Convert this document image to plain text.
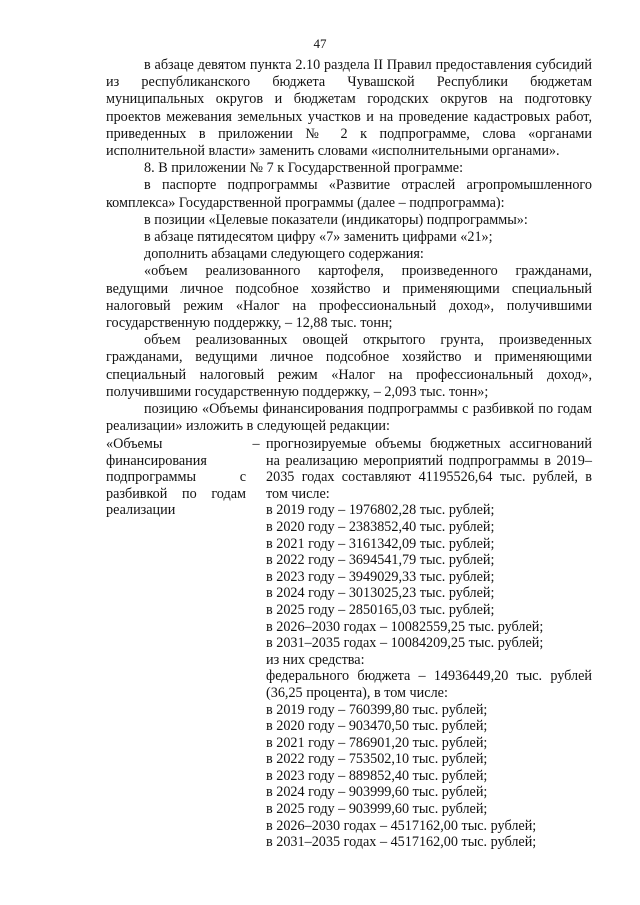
47

в абзаце девятом пункта 2.10 раздела II Правил предоставления субсидий из республиканского бюджета Чувашской Республики бюджетам муниципальных округов и бюджетам городских округов на подготовку проектов межевания земельных участков и на проведение кадастровых работ, приведенных в приложении № 2 к подпрограмме, слова «органами исполнительной власти» заменить словами «исполнительными органами».

8. В приложении № 7 к Государственной программе:

в паспорте подпрограммы «Развитие отраслей агропромышленного комплекса» Государственной программы (далее – подпрограмма):

в позиции «Целевые показатели (индикаторы) подпрограммы»:

в абзаце пятидесятом цифру «7» заменить цифрами «21»;

дополнить абзацами следующего содержания:

«объем реализованного картофеля, произведенного гражданами, ведущими личное подсобное хозяйство и применяющими специальный налоговый режим «Налог на профессиональный доход», получившими государственную поддержку, – 12,88 тыс. тонн;

объем реализованных овощей открытого грунта, произведенных гражданами, ведущими личное подсобное хозяйство и применяющими специальный налоговый режим «Налог на профессиональный доход», получившими государственную поддержку, – 2,093 тыс. тонн»;

позицию «Объемы финансирования подпрограммы с разбивкой по годам реализации» изложить в следующей редакции:

«Объемы финансирования подпрограммы с разбивкой по годам реализации
– прогнозируемые объемы бюджетных ассигнований на реализацию мероприятий подпрограммы в 2019–2035 годах составляют 41195526,64 тыс. рублей, в том числе:
в 2019 году – 1976802,28 тыс. рублей;
в 2020 году – 2383852,40 тыс. рублей;
в 2021 году – 3161342,09 тыс. рублей;
в 2022 году – 3694541,79 тыс. рублей;
в 2023 году – 3949029,33 тыс. рублей;
в 2024 году – 3013025,23 тыс. рублей;
в 2025 году – 2850165,03 тыс. рублей;
в 2026–2030 годах – 10082559,25 тыс. рублей;
в 2031–2035 годах – 10084209,25 тыс. рублей;
из них средства:
федерального бюджета – 14936449,20 тыс. рублей (36,25 процента), в том числе:
в 2019 году – 760399,80 тыс. рублей;
в 2020 году – 903470,50 тыс. рублей;
в 2021 году – 786901,20 тыс. рублей;
в 2022 году – 753502,10 тыс. рублей;
в 2023 году – 889852,40 тыс. рублей;
в 2024 году – 903999,60 тыс. рублей;
в 2025 году – 903999,60 тыс. рублей;
в 2026–2030 годах – 4517162,00 тыс. рублей;
в 2031–2035 годах – 4517162,00 тыс. рублей;
